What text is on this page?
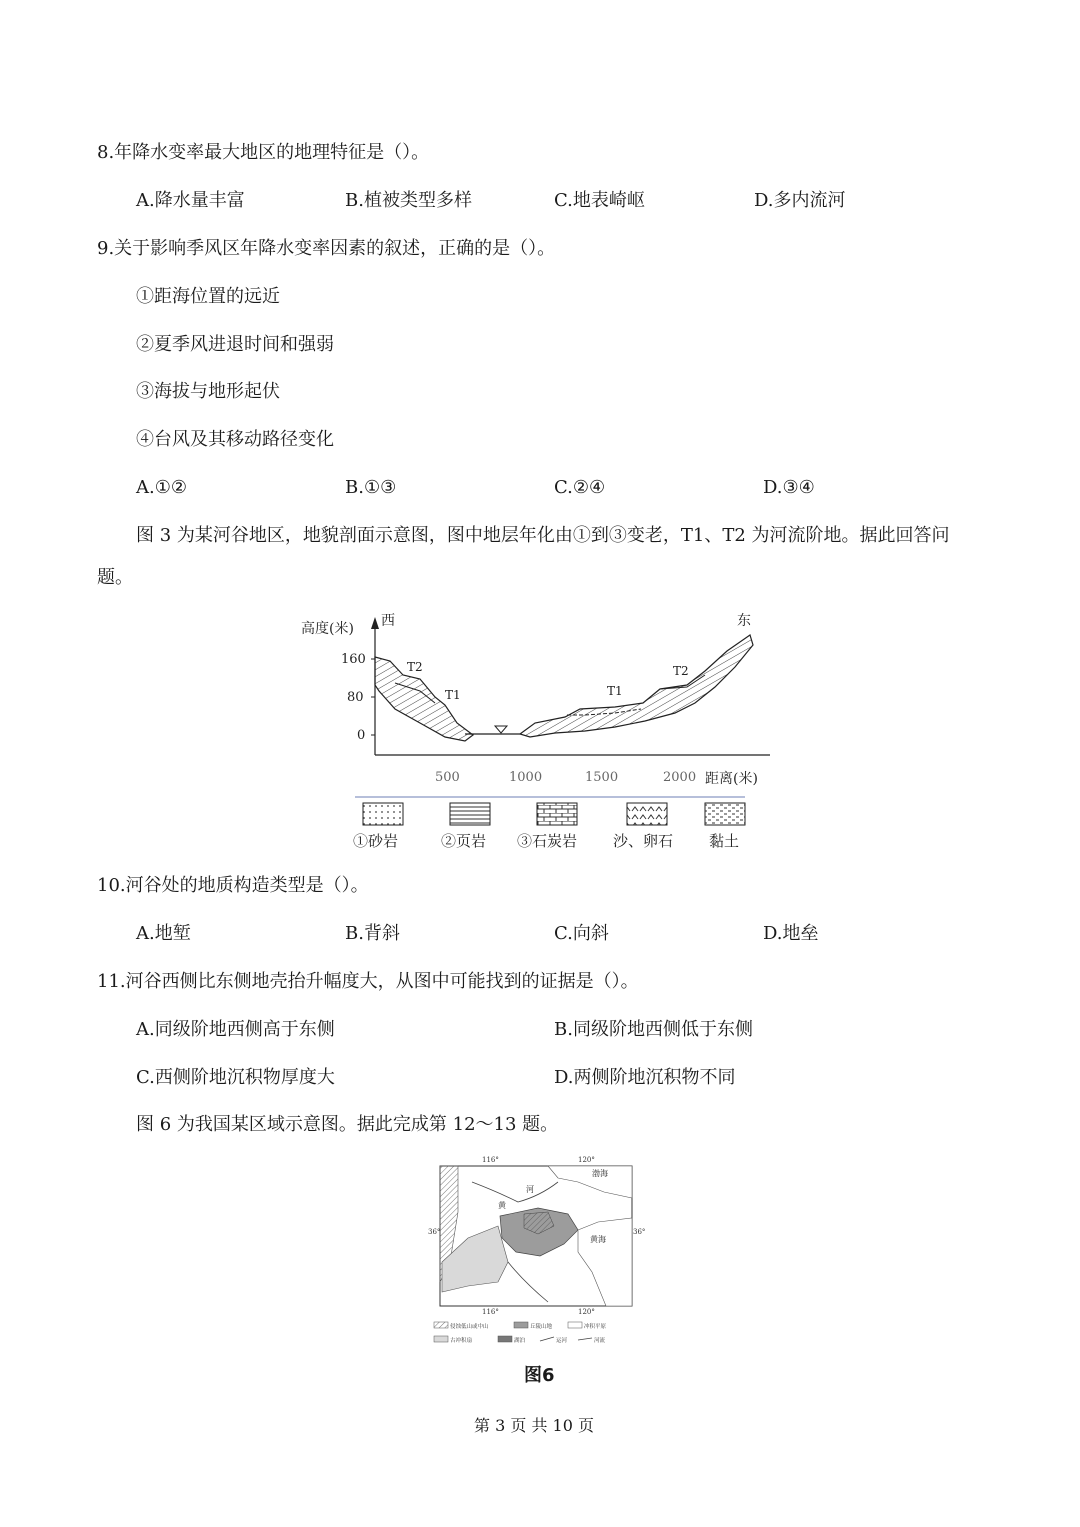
8.年降水变率最大地区的地理特征是（）。
A.降水量丰富	B.植被类型多样	C.地表崎岖	D.多内流河
9.关于影响季风区年降水变率因素的叙述，正确的是（）。
①距海位置的远近
②夏季风进退时间和强弱
③海拔与地形起伏
④台风及其移动路径变化
A.①②	B.①③	C.②④	D.③④
图 3 为某河谷地区，地貌剖面示意图，图中地层年化由①到③变老，T1、T2 为河流阶地。据此回答问
题。
高度(米) 西	东
160
80
0
500	1000	1500	2000 距离(米)
T2
T1	T1
T2
①砂岩	②页岩 ③石炭岩 沙、卵石 黏土
10.河谷处的地质构造类型是（）。
A.地堑	B.背斜	C.向斜	D.地垒
11.河谷西侧比东侧地壳抬升幅度大，从图中可能找到的证据是（）。
A.同级阶地西侧高于东侧	B.同级阶地西侧低于东侧
C.西侧阶地沉积物厚度大	D.两侧阶地沉积物不同
图 6 为我国某区域示意图。据此完成第 12～13 题。
116°	120°
116°	120°
36°	36°
渤海
黄
河
黄海
侵蚀低山或中山	丘陵山地	冲积平原
古冲积扇	湖泊	运河	河流
图6
第 3 页 共 10 页
